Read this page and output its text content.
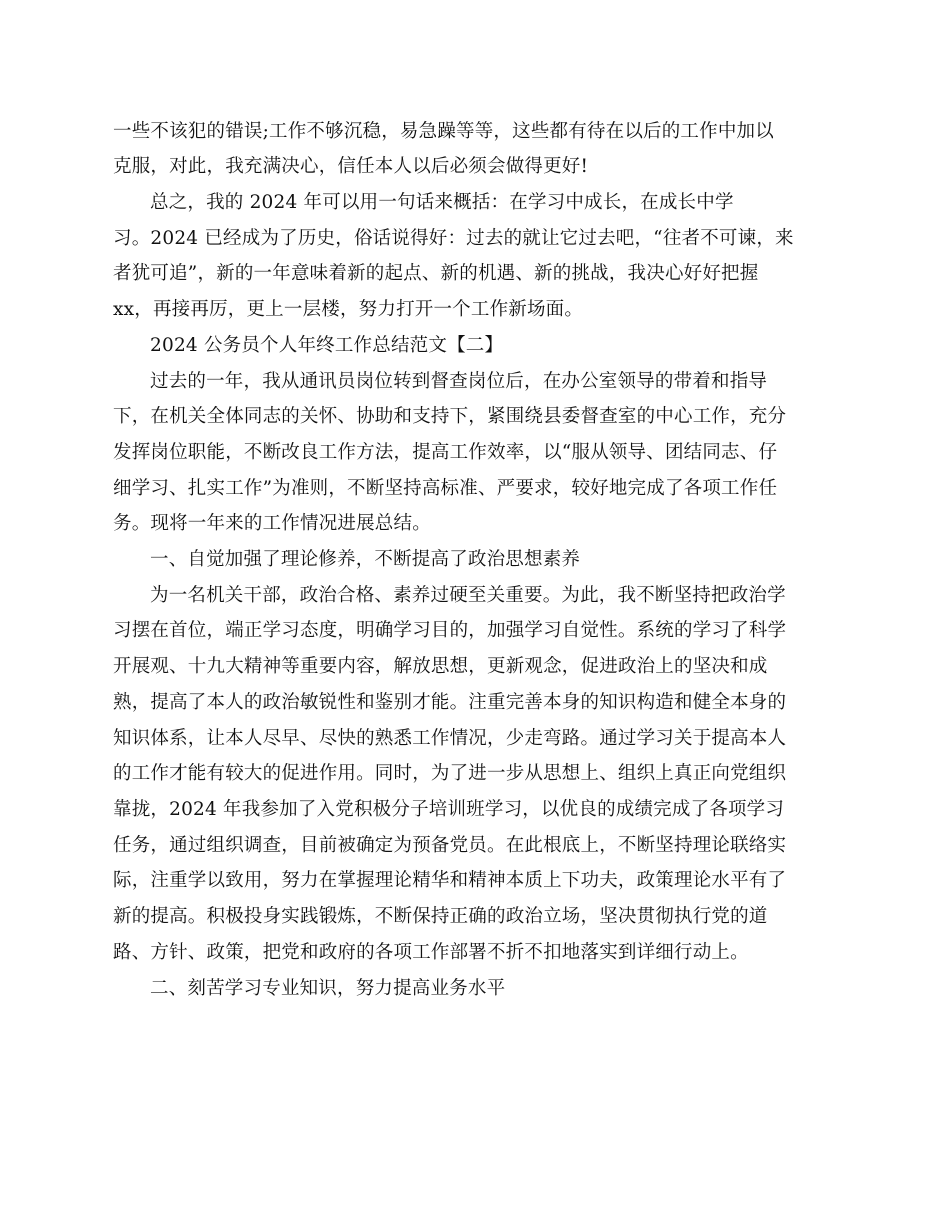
一些不该犯的错误;工作不够沉稳，易急躁等等，这些都有待在以后的工作中加以
克服，对此，我充满决心，信任本人以后必须会做得更好!
总之，我的 2024 年可以用一句话来概括：在学习中成长，在成长中学
习。2024 已经成为了历史，俗话说得好：过去的就让它过去吧，“往者不可谏，来
者犹可追”，新的一年意味着新的起点、新的机遇、新的挑战，我决心好好把握
xx，再接再厉，更上一层楼，努力打开一个工作新场面。
2024 公务员个人年终工作总结范文【二】
过去的一年，我从通讯员岗位转到督查岗位后，在办公室领导的带着和指导
下，在机关全体同志的关怀、协助和支持下，紧围绕县委督查室的中心工作，充分
发挥岗位职能，不断改良工作方法，提高工作效率，以“服从领导、团结同志、仔
细学习、扎实工作”为准则，不断坚持高标准、严要求，较好地完成了各项工作任
务。现将一年来的工作情况进展总结。
一、自觉加强了理论修养，不断提高了政治思想素养
为一名机关干部，政治合格、素养过硬至关重要。为此，我不断坚持把政治学
习摆在首位，端正学习态度，明确学习目的，加强学习自觉性。系统的学习了科学
开展观、十九大精神等重要内容，解放思想，更新观念，促进政治上的坚决和成
熟，提高了本人的政治敏锐性和鉴别才能。注重完善本身的知识构造和健全本身的
知识体系，让本人尽早、尽快的熟悉工作情况，少走弯路。通过学习关于提高本人
的工作才能有较大的促进作用。同时，为了进一步从思想上、组织上真正向党组织
靠拢，2024 年我参加了入党积极分子培训班学习，以优良的成绩完成了各项学习
任务，通过组织调查，目前被确定为预备党员。在此根底上，不断坚持理论联络实
际，注重学以致用，努力在掌握理论精华和精神本质上下功夫，政策理论水平有了
新的提高。积极投身实践锻炼，不断保持正确的政治立场，坚决贯彻执行党的道
路、方针、政策，把党和政府的各项工作部署不折不扣地落实到详细行动上。
二、刻苦学习专业知识，努力提高业务水平
